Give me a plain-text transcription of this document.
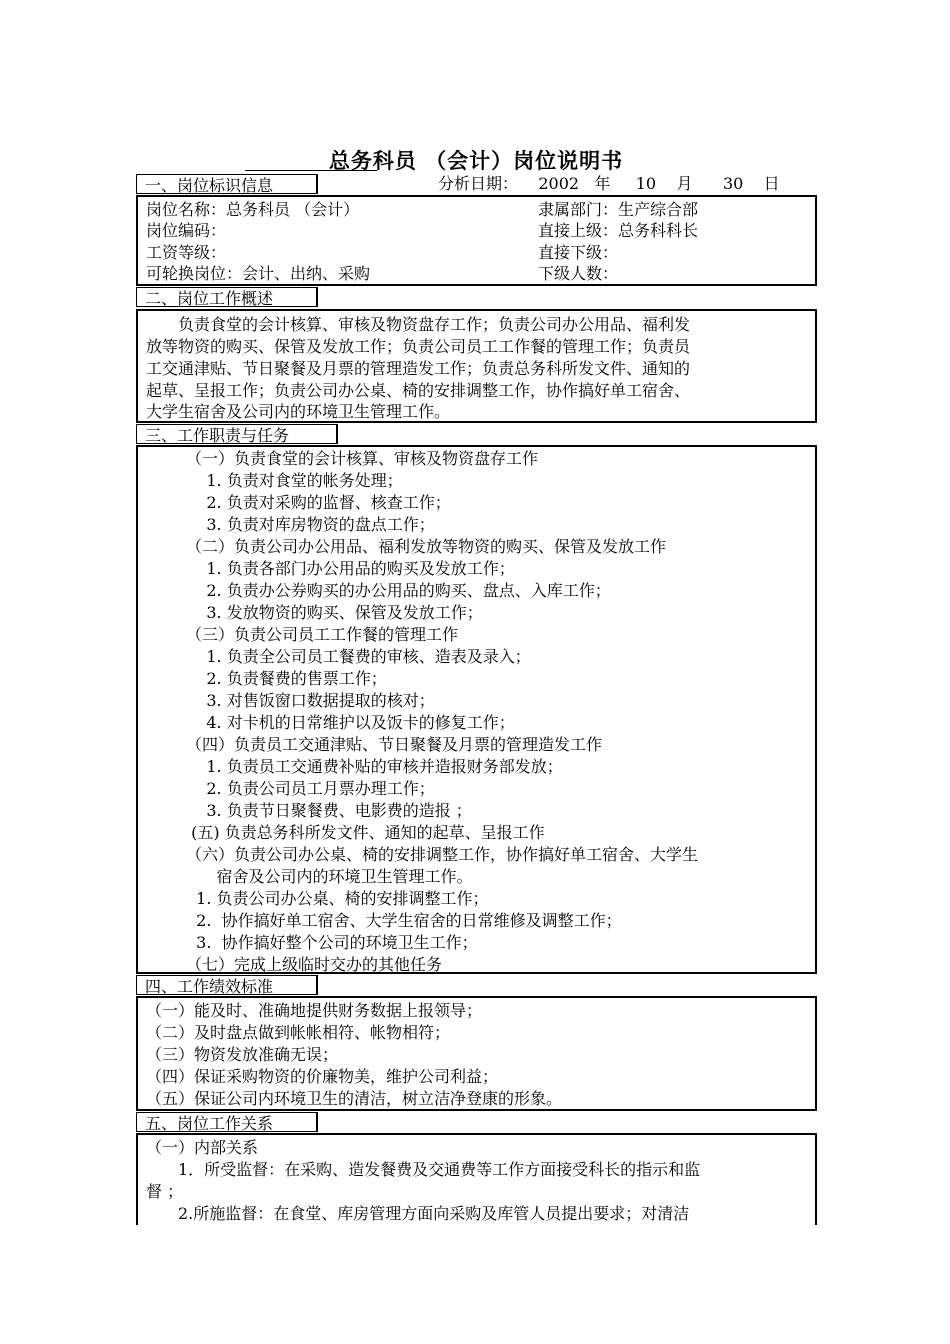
总务科员 （会计）岗位说明书
一、岗位标识信息	分析日期：    2002   年     10    月      30    日
岗位名称：总务科员 （会计）	隶属部门：生产综合部
岗位编码：	直接上级：总务科科长
工资等级：	直接下级：
可轮换岗位：会计、出纳、采购	下级人数：
二、岗位工作概述
　　负责食堂的会计核算、审核及物资盘存工作；负责公司办公用品、福利发
放等物资的购买、保管及发放工作；负责公司员工工作餐的管理工作；负责员
工交通津贴、节日聚餐及月票的管理造发工作；负责总务科所发文件、通知的
起草、呈报工作；负责公司办公桌、椅的安排调整工作，协作搞好单工宿舍、
大学生宿舍及公司内的环境卫生管理工作。
三、工作职责与任务
（一）负责食堂的会计核算、审核及物资盘存工作
1. 负责对食堂的帐务处理；
2. 负责对采购的监督、核查工作；
3. 负责对库房物资的盘点工作；
（二）负责公司办公用品、福利发放等物资的购买、保管及发放工作
1. 负责各部门办公用品的购买及发放工作；
2. 负责办公券购买的办公用品的购买、盘点、入库工作；
3. 发放物资的购买、保管及发放工作；
（三）负责公司员工工作餐的管理工作
1. 负责全公司员工餐费的审核、造表及录入；
2. 负责餐费的售票工作；
3. 对售饭窗口数据提取的核对；
4. 对卡机的日常维护以及饭卡的修复工作；
（四）负责员工交通津贴、节日聚餐及月票的管理造发工作
1. 负责员工交通费补贴的审核并造报财务部发放；
2. 负责公司员工月票办理工作；
3. 负责节日聚餐费、电影费的造报 ；
(五) 负责总务科所发文件、通知的起草、呈报工作
（六）负责公司办公桌、椅的安排调整工作，协作搞好单工宿舍、大学生
宿舍及公司内的环境卫生管理工作。
1. 负责公司办公桌、椅的安排调整工作；
2.  协作搞好单工宿舍、大学生宿舍的日常维修及调整工作；
3.  协作搞好整个公司的环境卫生工作；
（七）完成上级临时交办的其他任务
四、工作绩效标准
（一）能及时、准确地提供财务数据上报领导；
（二）及时盘点做到帐帐相符、帐物相符；
（三）物资发放准确无误；
（四）保证采购物资的价廉物美，维护公司利益；
（五）保证公司内环境卫生的清洁，树立洁净登康的形象。
五、岗位工作关系
（一）内部关系
　　1．所受监督：在采购、造发餐费及交通费等工作方面接受科长的指示和监
督 ；
　　2.所施监督：在食堂、库房管理方面向采购及库管人员提出要求；对清洁
